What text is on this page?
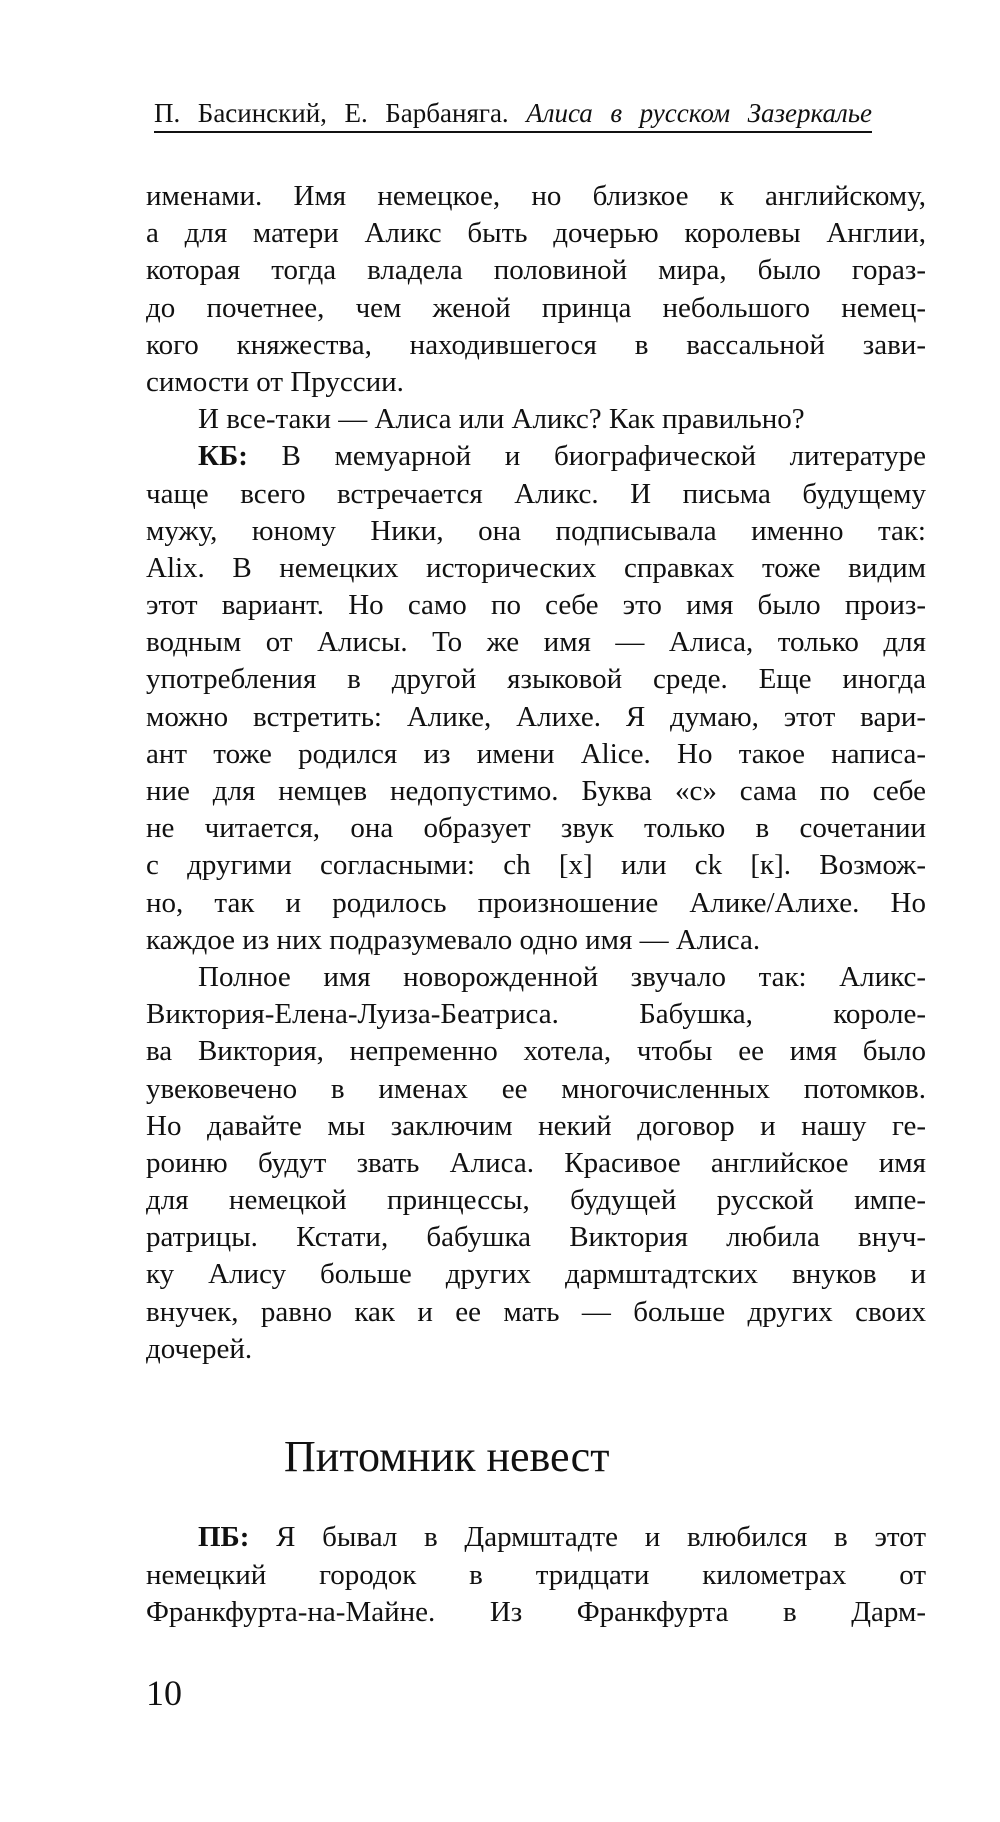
П. Басинский, Е. Барбаняга. Алиса в русском Зазеркалье
именами. Имя немецкое, но близкое к английскому,
а для матери Аликс быть дочерью королевы Англии,
которая тогда владела половиной мира, было гораз-
до почетнее, чем женой принца небольшого немец-
кого княжества, находившегося в вассальной зави-
симости от Пруссии.
И все-таки — Алиса или Аликс? Как правильно?
КБ: В мемуарной и биографической литературе
чаще всего встречается Аликс. И письма будущему
мужу, юному Ники, она подписывала именно так:
Alix. В немецких исторических справках тоже видим
этот вариант. Но само по себе это имя было произ-
водным от Алисы. То же имя — Алиса, только для
употребления в другой языковой среде. Еще иногда
можно встретить: Алике, Алихе. Я думаю, этот вари-
ант тоже родился из имени Alice. Но такое написа-
ние для немцев недопустимо. Буква «c» сама по себе
не читается, она образует звук только в сочетании
с другими согласными: ch [х] или ck [к]. Возмож-
но, так и родилось произношение Алике/Алихе. Но
каждое из них подразумевало одно имя — Алиса.
Полное имя новорожденной звучало так: Аликс-
Виктория-Елена-Луиза-Беатриса. Бабушка, короле-
ва Виктория, непременно хотела, чтобы ее имя было
увековечено в именах ее многочисленных потомков.
Но давайте мы заключим некий договор и нашу ге-
роиню будут звать Алиса. Красивое английское имя
для немецкой принцессы, будущей русской импе-
ратрицы. Кстати, бабушка Виктория любила внуч-
ку Алису больше других дармштадтских внуков и
внучек, равно как и ее мать — больше других своих
дочерей.
Питомник невест
ПБ: Я бывал в Дармштадте и влюбился в этот
немецкий городок в тридцати километрах от
Франкфурта-на-Майне. Из Франкфурта в Дарм-
10
